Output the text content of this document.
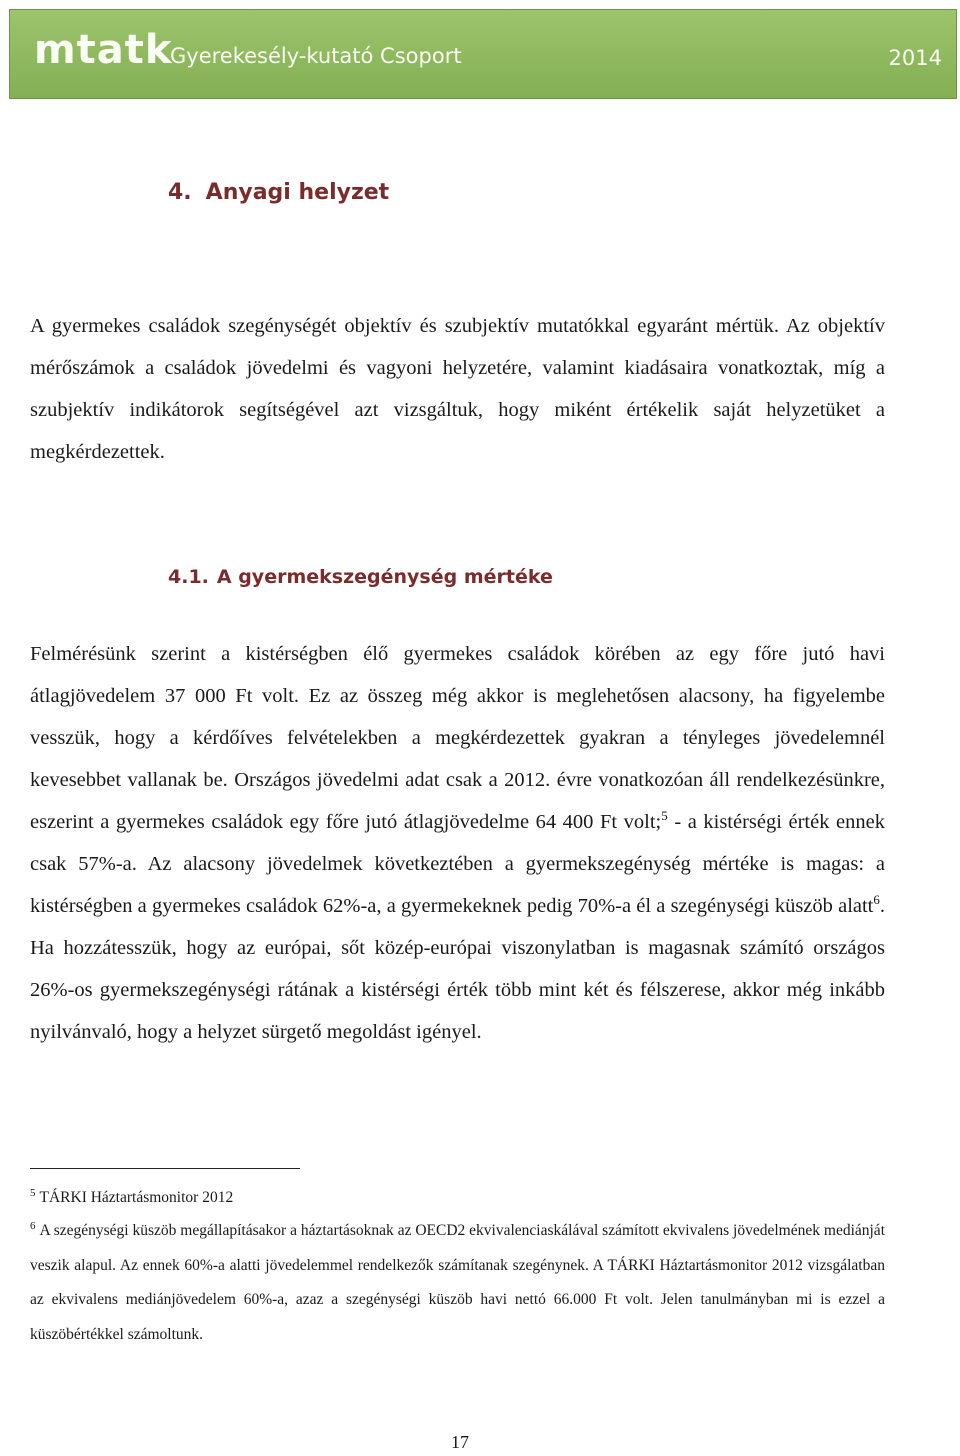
mtatk
Gyerekesély-kutató Csoport	2014
4. Anyagi helyzet
A gyermekes családok szegénységét objektív és szubjektív mutatókkal egyaránt mértük. Az objektív mérőszámok a családok jövedelmi és vagyoni helyzetére, valamint kiadásaira vonatkoztak, míg a szubjektív indikátorok segítségével azt vizsgáltuk, hogy miként értékelik saját helyzetüket a megkérdezettek.
4.1. A gyermekszegénység mértéke
Felmérésünk szerint a kistérségben élő gyermekes családok körében az egy főre jutó havi átlagjövedelem 37 000 Ft volt. Ez az összeg még akkor is meglehetősen alacsony, ha figyelembe vesszük, hogy a kérdőíves felvételekben a megkérdezettek gyakran a tényleges jövedelemnél kevesebbet vallanak be. Országos jövedelmi adat csak a 2012. évre vonatkozóan áll rendelkezésünkre, eszerint a gyermekes családok egy főre jutó átlagjövedelme 64 400 Ft volt;$^5$ - a kistérségi érték ennek csak 57%-a. Az alacsony jövedelmek következtében a gyermekszegénység mértéke is magas: a kistérségben a gyermekes családok 62%-a, a gyermekeknek pedig 70%-a él a szegénységi küszöb alatt$^6$. Ha hozzátesszük, hogy az európai, sőt közép-európai viszonylatban is magasnak számító országos 26%-os gyermekszegénységi rátának a kistérségi érték több mint két és félszerese, akkor még inkább nyilvánvaló, hogy a helyzet sürgető megoldást igényel.
$^5$ TÁRKI Háztartásmonitor 2012
$^6$ A szegénységi küszöb megállapításakor a háztartásoknak az OECD2 ekvivalenciaskálával számított ekvivalens jövedelmének mediánját veszik alapul. Az ennek 60%-a alatti jövedelemmel rendelkezők számítanak szegénynek. A TÁRKI Háztartásmonitor 2012 vizsgálatban az ekvivalens mediánjövedelem 60%-a, azaz a szegénységi küszöb havi nettó 66.000 Ft volt. Jelen tanulmányban mi is ezzel a küszöbértékkel számoltunk.
17
